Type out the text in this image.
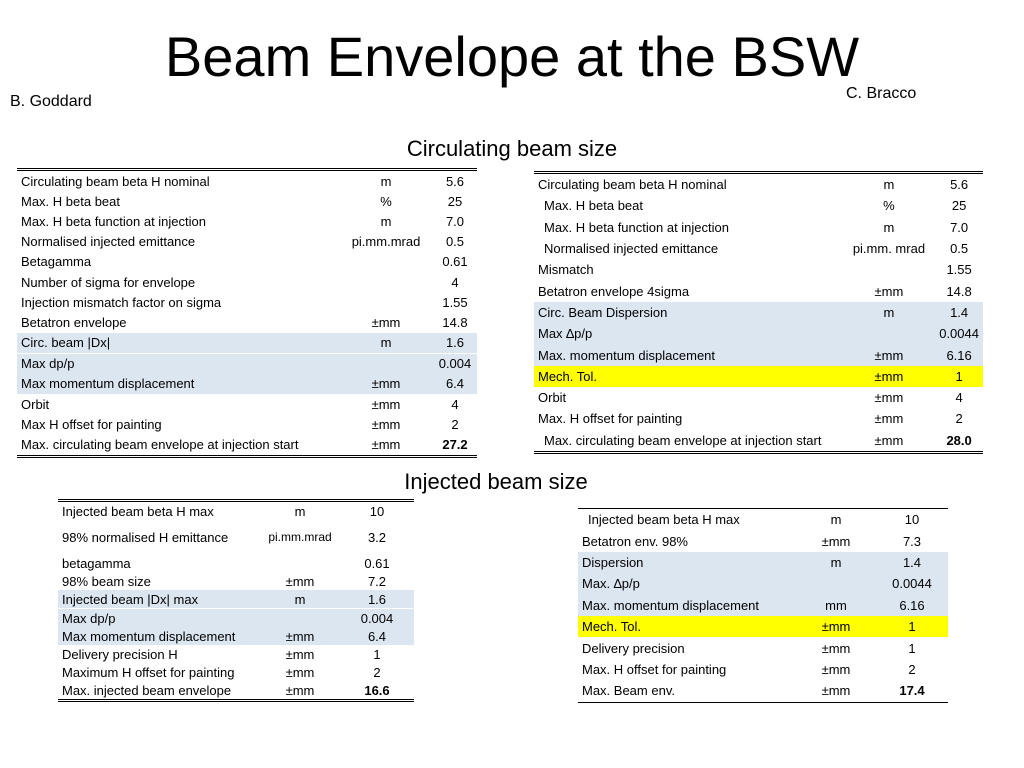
Beam Envelope at the BSW
B. Goddard	C. Bracco
Circulating beam size
Circulating beam beta H nominal	m	5.6
Max. H beta beat	%	25
Max. H beta function at injection	m	7.0
Normalised injected emittance	pi.mm.mrad	0.5
Betagamma		0.61
Number of sigma for envelope		4
Injection mismatch factor on sigma		1.55
Betatron envelope	±mm	14.8
Circ. beam |Dx|	m	1.6
Max dp/p		0.004
Max momentum displacement	±mm	6.4
Orbit	±mm	4
Max H offset for painting	±mm	2
Max. circulating beam envelope at injection start	±mm	27.2
Circulating beam beta H nominal	m	5.6
Max. H beta beat	%	25
Max. H beta function at injection	m	7.0
Normalised injected emittance	pi.mm. mrad	0.5
Mismatch		1.55
Betatron envelope 4sigma	±mm	14.8
Circ. Beam Dispersion	m	1.4
Max ∆p/p		0.0044
Max. momentum displacement	±mm	6.16
Mech. Tol.	±mm	1
Orbit	±mm	4
Max. H offset for painting	±mm	2
Max. circulating beam envelope at injection start	±mm	28.0
Injected beam size
Injected beam beta H max	m	10
98% normalised H emittance	pi.mm.mrad	3.2
betagamma		0.61
98% beam size	±mm	7.2
Injected beam |Dx| max	m	1.6
Max dp/p		0.004
Max momentum displacement	±mm	6.4
Delivery precision H	±mm	1
Maximum H offset for painting	±mm	2
Max. injected beam envelope	±mm	16.6
Injected beam beta H max	m	10
Betatron env. 98%	±mm	7.3
Dispersion	m	1.4
Max. ∆p/p		0.0044
Max. momentum displacement	mm	6.16
Mech. Tol.	±mm	1
Delivery precision	±mm	1
Max. H offset for painting	±mm	2
Max. Beam env.	±mm	17.4
